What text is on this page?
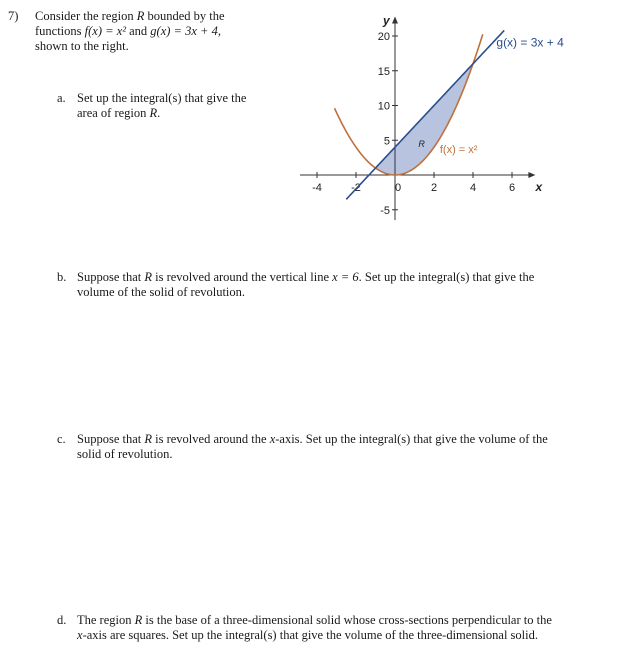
7) Consider the region R bounded by the
functions f(x) = x² and g(x) = 3x + 4,
shown to the right.
a. Set up the integral(s) that give the
area of region R.
b. Suppose that R is revolved around the vertical line x = 6. Set up the integral(s) that give the
volume of the solid of revolution.
c. Suppose that R is revolved around the x-axis. Set up the integral(s) that give the volume of the
solid of revolution.
d. The region R is the base of a three-dimensional solid whose cross-sections perpendicular to the
x-axis are squares. Set up the integral(s) that give the volume of the three-dimensional solid.
-4	-2	0	2	4	6
20
15
10
5
-5
x
y
g(x) = 3x + 4
f(x) = x²
R
